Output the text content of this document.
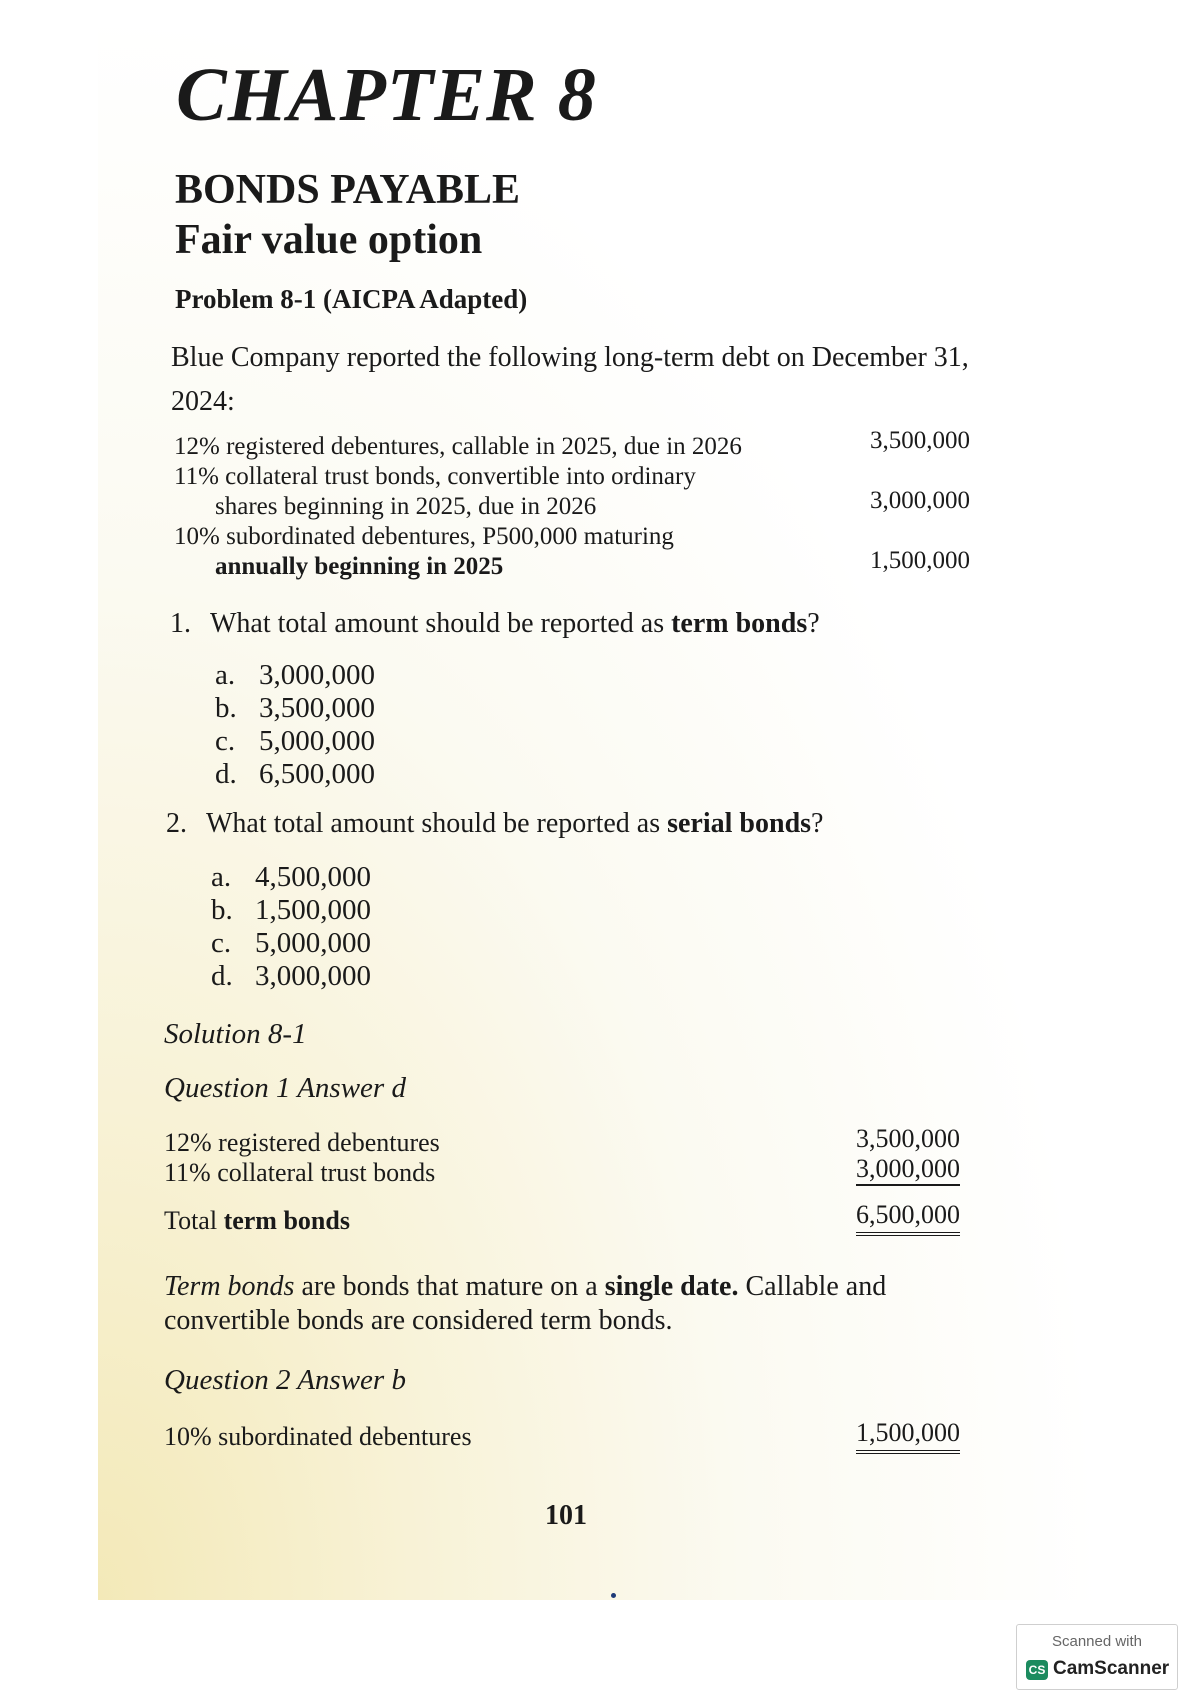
CHAPTER 8
BONDS PAYABLE
Fair value option
Problem 8-1 (AICPA Adapted)
Blue Company reported the following long-term debt on December 31, 2024:
12% registered debentures, callable in 2025, due in 2026	3,500,000
11% collateral trust bonds, convertible into ordinary
shares beginning in 2025, due in 2026	3,000,000
10% subordinated debentures, P500,000 maturing
annually beginning in 2025	1,500,000
1. What total amount should be reported as term bonds?
a. 3,000,000
b. 3,500,000
c. 5,000,000
d. 6,500,000
2. What total amount should be reported as serial bonds?
a. 4,500,000
b. 1,500,000
c. 5,000,000
d. 3,000,000
Solution 8-1
Question 1 Answer d
12% registered debentures	3,500,000
11% collateral trust bonds	3,000,000
Total term bonds	6,500,000
Term bonds are bonds that mature on a single date. Callable and convertible bonds are considered term bonds.
Question 2 Answer b
10% subordinated debentures	1,500,000
101
Scanned with
CS CamScanner
